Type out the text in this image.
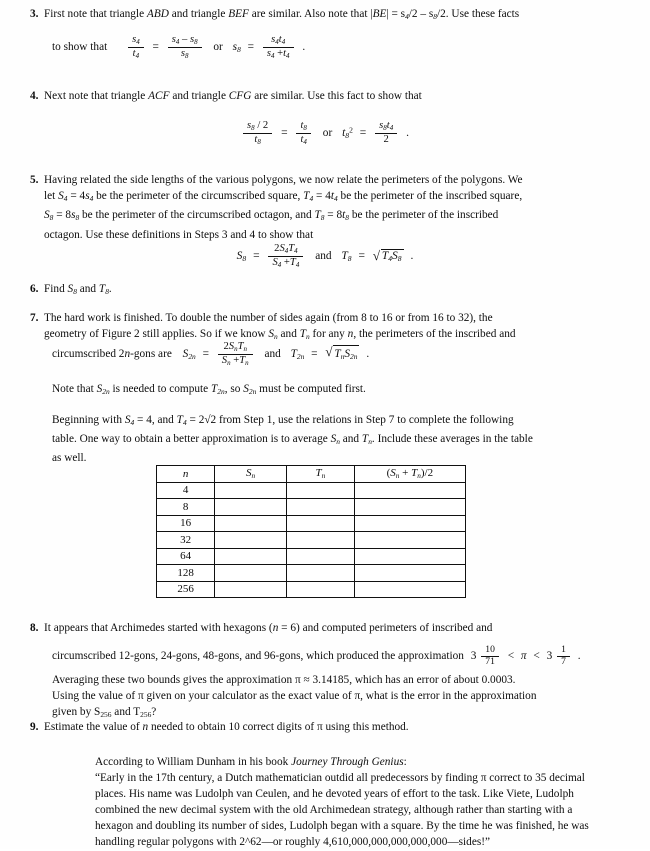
3. First note that triangle ABD and triangle BEF are similar. Also note that $|BE| = s_4/2 - s_8/2$. Use these facts
to show that $\frac{s_4}{t_4} = \frac{s_4 - s_8}{s_8}$ or $s_8 = \frac{s_4t_4}{s_4 +t_4}$ .
4. Next note that triangle ACF and triangle CFG are similar. Use this fact to show that
$\frac{s_8 / 2}{t_8} = \frac{t_8}{t_4}$ or $t_8^2 = \frac{s_8t_4}{2}$ .
5. Having related the side lengths of the various polygons, we now relate the perimeters of the polygons. We
let $S_4 = 4s_4$ be the perimeter of the circumscribed square, $T_4 = 4t_4$ be the perimeter of the inscribed square,
$S_8 = 8s_8$ be the perimeter of the circumscribed octagon, and $T_8 = 8t_8$ be the perimeter of the inscribed
octagon. Use these definitions in Steps 3 and 4 to show that
$S_8 = \frac{2S_4T_4}{S_4 +T_4}$ and $T_8$ = √ $T_4S_8$ .
6. Find $S_8$ and $T_8$.
7. The hard work is finished. To double the number of sides again (from 8 to 16 or from 16 to 32), the
geometry of Figure 2 still applies. So if we know $S_n$ and $T_n$ for any n, the perimeters of the inscribed and
circumscribed 2n-gons are $S_{2n} = \frac{2S_nT_n}{S_n +T_n}$ and $T_{2n}$ = √ $T_nS_{2n}$ .
Note that $S_{2n}$ is needed to compute $T_{2n}$, so $S_{2n}$ must be computed first.
Beginning with $S_4 = 4$, and $T_4 = 2√2$ from Step 1, use the relations in Step 7 to complete the following
table. One way to obtain a better approximation is to average $S_n$ and $T_n$. Include these averages in the table
as well.
n	$S_n$	$T_n$	$(S_n + T_n)/2$
4			
8			
16			
32			
64			
128			
256			
8. It appears that Archimedes started with hexagons (n = 6) and computed perimeters of inscribed and
circumscribed 12-gons, 24-gons, 48-gons, and 96-gons, which produced the approximation $3 \frac{10}{71} < \pi < 3 \frac{1}{7}$ .
Averaging these two bounds gives the approximation π ≈ 3.14185, which has an error of about 0.0003.
Using the value of π given on your calculator as the exact value of π, what is the error in the approximation
given by $S_{256}$ and $T_{256}$?
9. Estimate the value of n needed to obtain 10 correct digits of π using this method.
According to William Dunham in his book Journey Through Genius:
“Early in the 17th century, a Dutch mathematician outdid all predecessors by finding π correct to 35 decimal
places. His name was Ludolph van Ceulen, and he devoted years of effort to the task. Like Viete, Ludolph
combined the new decimal system with the old Archimedean strategy, although rather than starting with a
hexagon and doubling its number of sides, Ludolph began with a square. By the time he was finished, he was
handling regular polygons with 2^62—or roughly 4,610,000,000,000,000,000—sides!”
